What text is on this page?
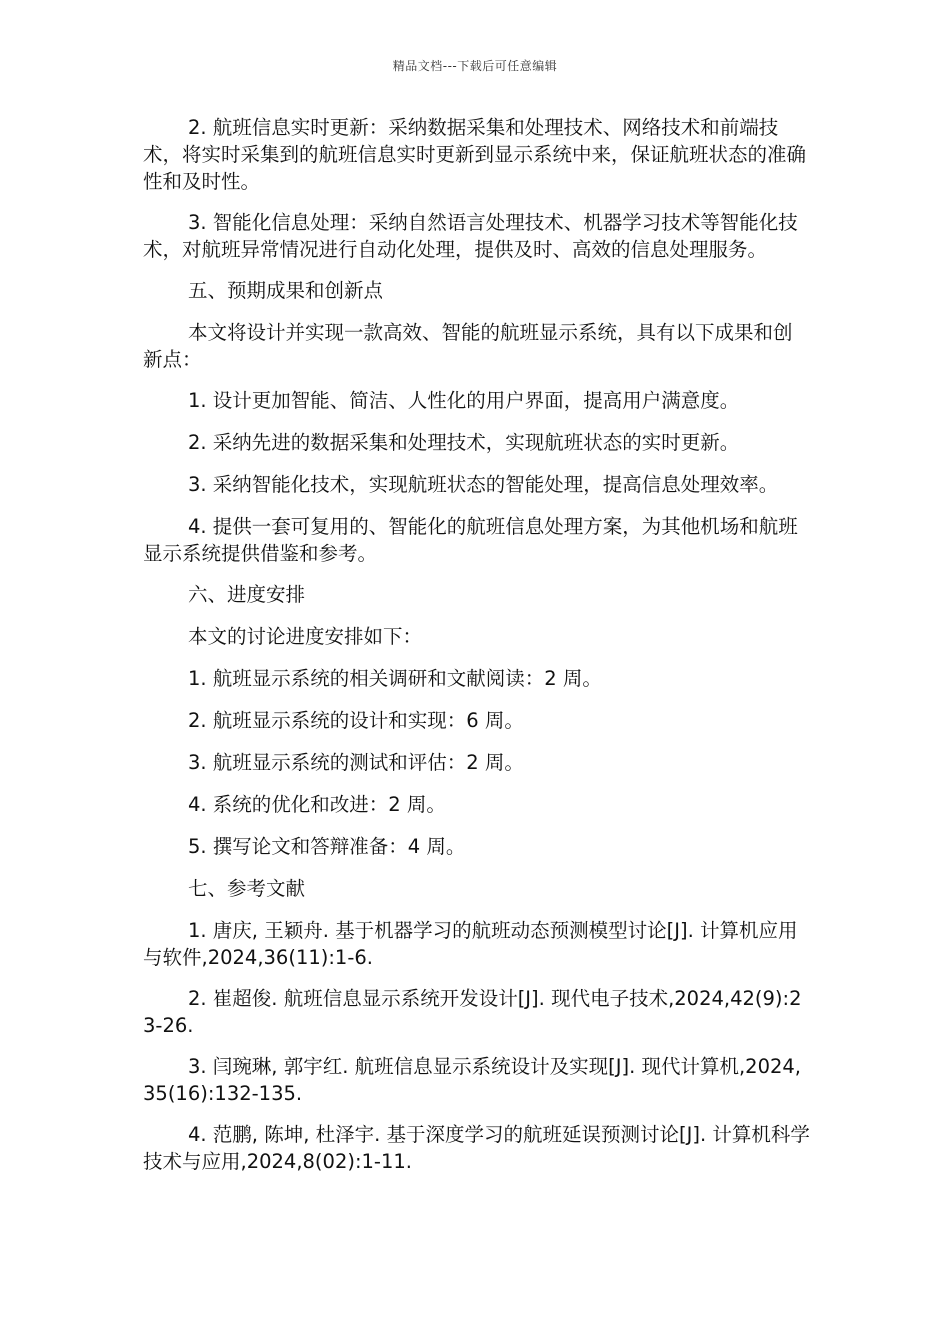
精品文档---下载后可任意编辑

2. 航班信息实时更新：采纳数据采集和处理技术、网络技术和前端技术，将实时采集到的航班信息实时更新到显示系统中来，保证航班状态的准确性和及时性。

3. 智能化信息处理：采纳自然语言处理技术、机器学习技术等智能化技术，对航班异常情况进行自动化处理，提供及时、高效的信息处理服务。

五、预期成果和创新点

本文将设计并实现一款高效、智能的航班显示系统，具有以下成果和创新点：

1. 设计更加智能、简洁、人性化的用户界面，提高用户满意度。

2. 采纳先进的数据采集和处理技术，实现航班状态的实时更新。

3. 采纳智能化技术，实现航班状态的智能处理，提高信息处理效率。

4. 提供一套可复用的、智能化的航班信息处理方案，为其他机场和航班显示系统提供借鉴和参考。

六、进度安排

本文的讨论进度安排如下：

1. 航班显示系统的相关调研和文献阅读：2 周。

2. 航班显示系统的设计和实现：6 周。

3. 航班显示系统的测试和评估：2 周。

4. 系统的优化和改进：2 周。

5. 撰写论文和答辩准备：4 周。

七、参考文献

1. 唐庆, 王颖舟. 基于机器学习的航班动态预测模型讨论[J]. 计算机应用与软件,2024,36(11):1-6.

2. 崔超俊. 航班信息显示系统开发设计[J]. 现代电子技术,2024,42(9):23-26.

3. 闫琬琳, 郭宇红. 航班信息显示系统设计及实现[J]. 现代计算机,2024,35(16):132-135.

4. 范鹏, 陈坤, 杜泽宇. 基于深度学习的航班延误预测讨论[J]. 计算机科学技术与应用,2024,8(02):1-11.
